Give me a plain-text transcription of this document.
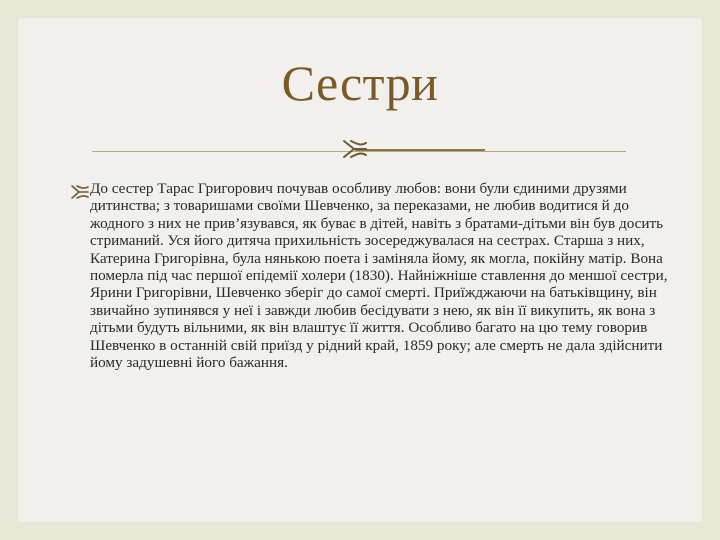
Сестри

До сестер Тарас Григорович почував особливу любов: вони були єдиними друзями дитинства; з товаришами своїми Шевченко, за переказами, не любив водитися й до жодного з них не прив’язувався, як буває в дітей, навіть з братами-дітьми він був досить стриманий. Уся його дитяча прихильність зосереджувалася на сестрах. Старша з них, Катерина Григорівна, була нянькою поета і заміняла йому, як могла, покійну матір. Вона померла під час першої епідемії холери (1830). Найніжніше ставлення до меншої сестри, Ярини Григорівни, Шевченко зберіг до самої смерті. Приїжджаючи на батьківщину, він звичайно зупинявся у неї і завжди любив бесідувати з нею, як він її викупить, як вона з дітьми будуть вільними, як він влаштує її життя. Особливо багато на цю тему говорив Шевченко в останній свій приїзд у рідний край, 1859 року; але смерть не дала здійснити йому задушевні його бажання.
